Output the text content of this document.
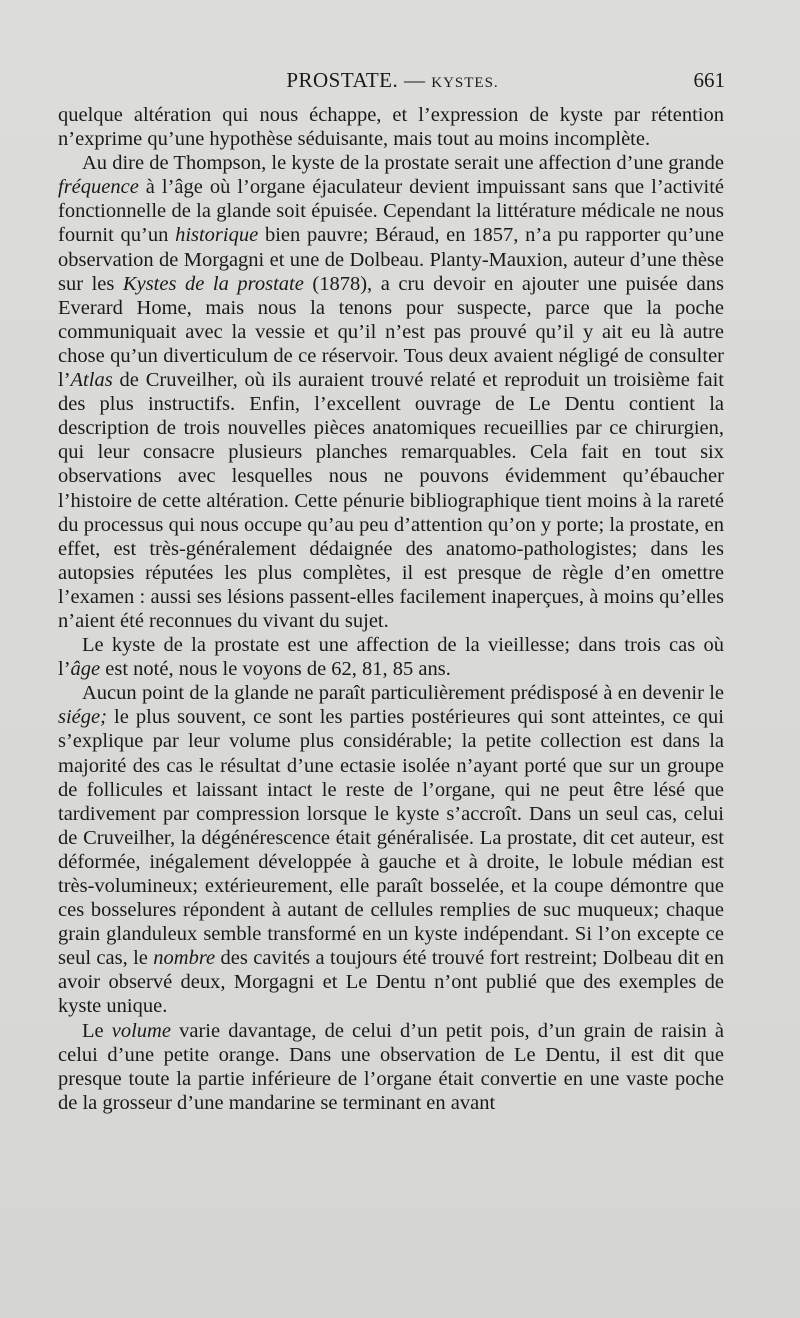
PROSTATE. — KYSTES.	661

quelque altération qui nous échappe, et l’expression de kyste par rétention n’exprime qu’une hypothèse séduisante, mais tout au moins incomplète.

Au dire de Thompson, le kyste de la prostate serait une affection d’une grande fréquence à l’âge où l’organe éjaculateur devient impuissant sans que l’activité fonctionnelle de la glande soit épuisée. Cependant la littérature médicale ne nous fournit qu’un historique bien pauvre; Béraud, en 1857, n’a pu rapporter qu’une observation de Morgagni et une de Dolbeau. Planty-Mauxion, auteur d’une thèse sur les Kystes de la prostate (1878), a cru devoir en ajouter une puisée dans Everard Home, mais nous la tenons pour suspecte, parce que la poche communiquait avec la vessie et qu’il n’est pas prouvé qu’il y ait eu là autre chose qu’un diverticulum de ce réservoir. Tous deux avaient négligé de consulter l’Atlas de Cruveilher, où ils auraient trouvé relaté et reproduit un troisième fait des plus instructifs. Enfin, l’excellent ouvrage de Le Dentu contient la description de trois nouvelles pièces anatomiques recueillies par ce chirurgien, qui leur consacre plusieurs planches remarquables. Cela fait en tout six observations avec lesquelles nous ne pouvons évidemment qu’ébaucher l’histoire de cette altération. Cette pénurie bibliographique tient moins à la rareté du processus qui nous occupe qu’au peu d’attention qu’on y porte; la prostate, en effet, est très-généralement dédaignée des anatomo-pathologistes; dans les autopsies réputées les plus complètes, il est presque de règle d’en omettre l’examen : aussi ses lésions passent-elles facilement inaperçues, à moins qu’elles n’aient été reconnues du vivant du sujet.

Le kyste de la prostate est une affection de la vieillesse; dans trois cas où l’âge est noté, nous le voyons de 62, 81, 85 ans.

Aucun point de la glande ne paraît particulièrement prédisposé à en devenir le siége; le plus souvent, ce sont les parties postérieures qui sont atteintes, ce qui s’explique par leur volume plus considérable; la petite collection est dans la majorité des cas le résultat d’une ectasie isolée n’ayant porté que sur un groupe de follicules et laissant intact le reste de l’organe, qui ne peut être lésé que tardivement par compression lorsque le kyste s’accroît. Dans un seul cas, celui de Cruveilher, la dégénérescence était généralisée. La prostate, dit cet auteur, est déformée, inégalement développée à gauche et à droite, le lobule médian est très-volumineux; extérieurement, elle paraît bosselée, et la coupe démontre que ces bosselures répondent à autant de cellules remplies de suc muqueux; chaque grain glanduleux semble transformé en un kyste indépendant. Si l’on excepte ce seul cas, le nombre des cavités a toujours été trouvé fort restreint; Dolbeau dit en avoir observé deux, Morgagni et Le Dentu n’ont publié que des exemples de kyste unique.

Le volume varie davantage, de celui d’un petit pois, d’un grain de raisin à celui d’une petite orange. Dans une observation de Le Dentu, il est dit que presque toute la partie inférieure de l’organe était convertie en une vaste poche de la grosseur d’une mandarine se terminant en avant
